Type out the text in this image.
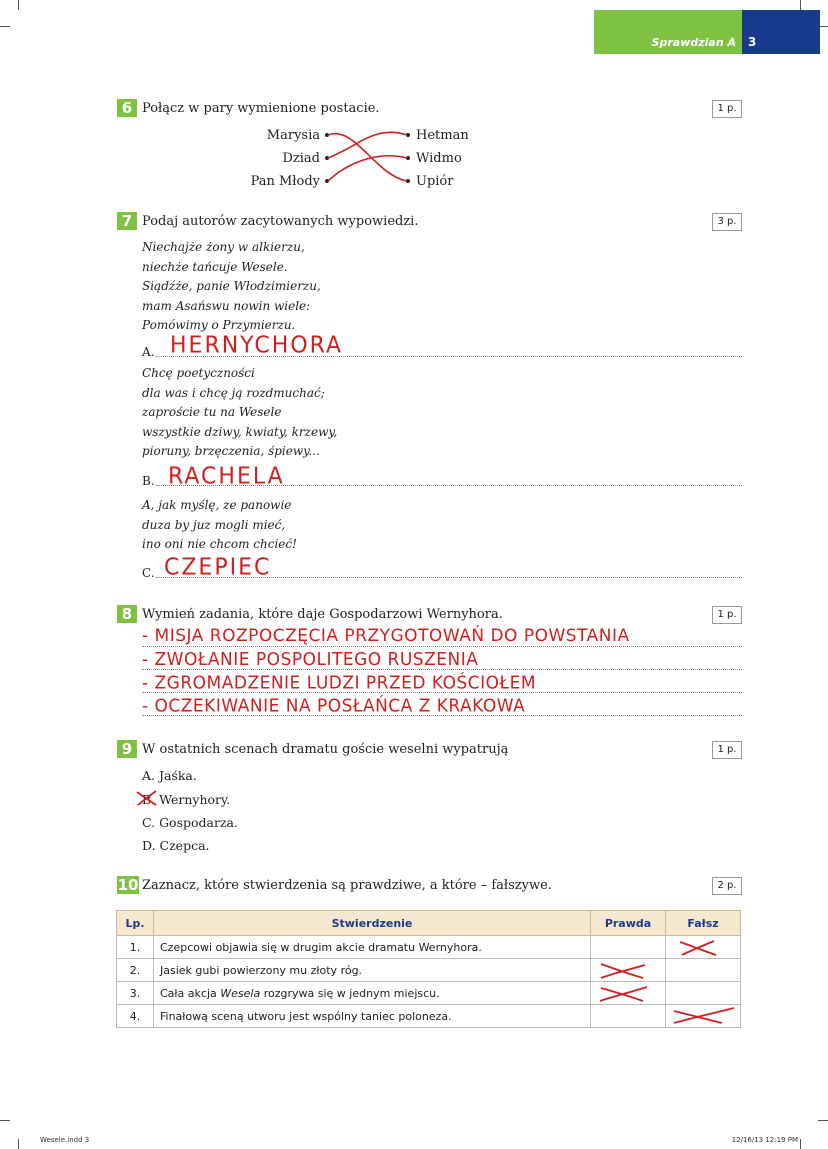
Sprawdzian A 3
6 Połącz w pary wymienione postacie.	1 p.
Marysia
Dziad
Pan Młody
Hetman
Widmo
Upiór
7 Podaj autorów zacytowanych wypowiedzi.	3 p.
Niechajże żony w alkierzu,
niechże tańcuje Wesele.
Siądźże, panie Włodzimierzu,
mam Asańswu nowin wiele:
Pomówimy o Przymierzu.
A. HERNYCHORA
Chcę poetyczności
dla was i chcę ją rozdmuchać;
zaproście tu na Wesele
wszystkie dziwy, kwiaty, krzewy,
pioruny, brzęczenia, śpiewy...
B. RACHELA
A, jak myślę, ze panowie
duza by juz mogli mieć,
ino oni nie chcom chcieć!
C. CZEPIEC
8 Wymień zadania, które daje Gospodarzowi Wernyhora.	1 p.
- MISJA ROZPOCZĘCIA PRZYGOTOWAŃ DO POWSTANIA
- ZWOŁANIE POSPOLITEGO RUSZENIA
- ZGROMADZENIE LUDZI PRZED KOŚCIOŁEM
- OCZEKIWANIE NA POSŁAŃCA Z KRAKOWA
9 W ostatnich scenach dramatu goście weselni wypatrują	1 p.
A. Jaśka.
B. Wernyhory.
C. Gospodarza.
D. Czepca.
10 Zaznacz, które stwierdzenia są prawdziwe, a które – fałszywe.	2 p.
Lp.	Stwierdzenie	Prawda	Fałsz
1.	Czepcowi objawia się w drugim akcie dramatu Wernyhora.		

2.	Jasiek gubi powierzony mu złoty róg.	

3.	Cała akcja Wesela rozgrywa się w jednym miejscu.	

4.	Finałową sceną utworu jest wspólny taniec poloneza.		
Wesele.indd 3	12/16/13 12:19 PM
